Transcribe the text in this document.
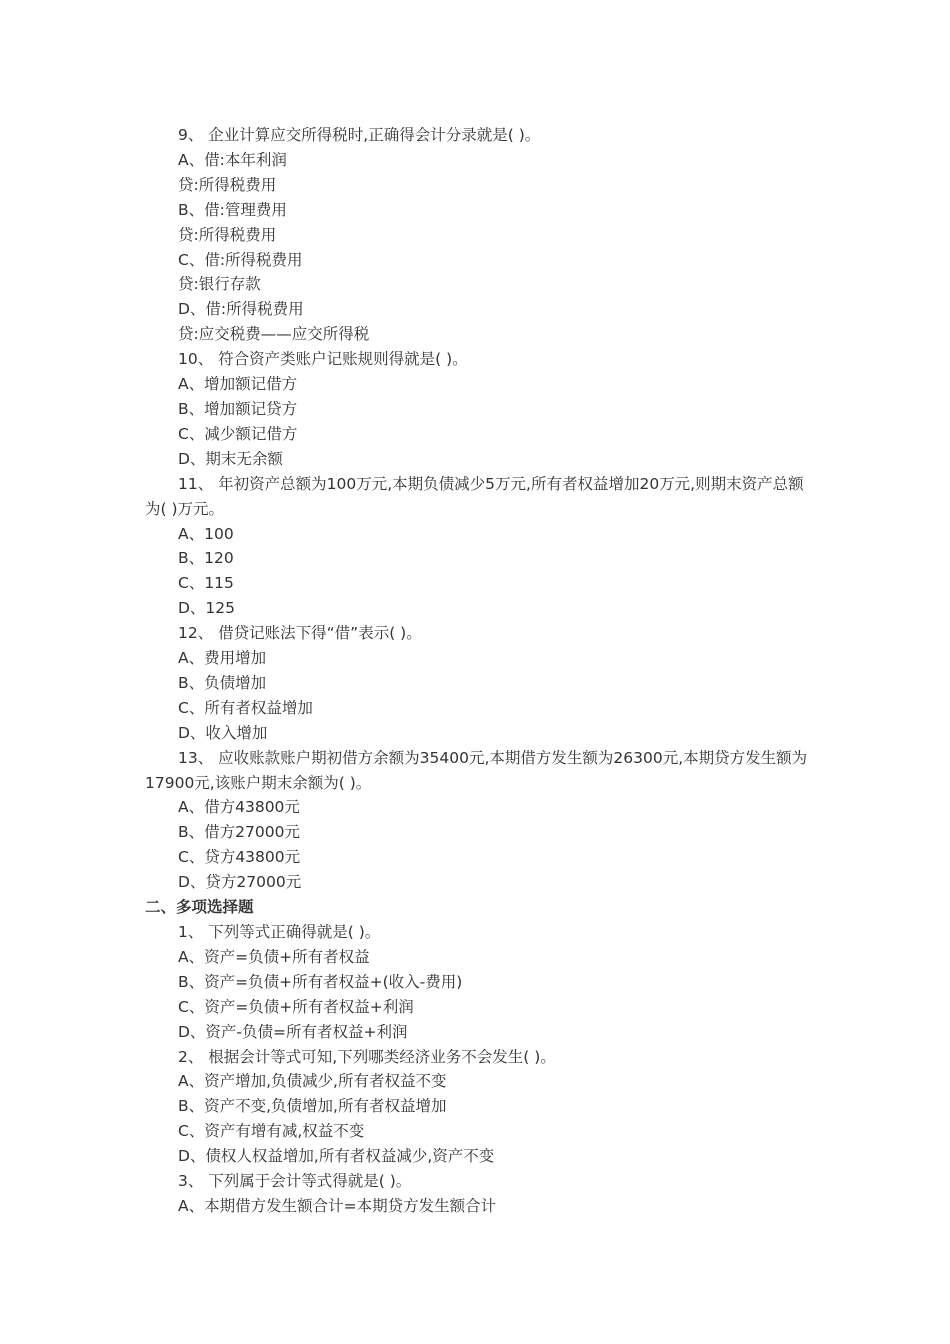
9、 企业计算应交所得税时,正确得会计分录就是( )。
A、借:本年利润
贷:所得税费用
B、借:管理费用
贷:所得税费用
C、借:所得税费用
贷:银行存款
D、借:所得税费用
贷:应交税费——应交所得税
10、 符合资产类账户记账规则得就是( )。
A、增加额记借方
B、增加额记贷方
C、减少额记借方
D、期末无余额
11、 年初资产总额为100万元,本期负债减少5万元,所有者权益增加20万元,则期末资产总额为( )万元。
A、100
B、120
C、115
D、125
12、 借贷记账法下得“借”表示( )。
A、费用增加
B、负债增加
C、所有者权益增加
D、收入增加
13、 应收账款账户期初借方余额为35400元,本期借方发生额为26300元,本期贷方发生额为17900元,该账户期末余额为( )。
A、借方43800元
B、借方27000元
C、贷方43800元
D、贷方27000元
二、多项选择题
1、 下列等式正确得就是( )。
A、资产=负债+所有者权益
B、资产=负债+所有者权益+(收入-费用)
C、资产=负债+所有者权益+利润
D、资产-负债=所有者权益+利润
2、 根据会计等式可知,下列哪类经济业务不会发生( )。
A、资产增加,负债减少,所有者权益不变
B、资产不变,负债增加,所有者权益增加
C、资产有增有减,权益不变
D、债权人权益增加,所有者权益减少,资产不变
3、 下列属于会计等式得就是( )。
A、本期借方发生额合计=本期贷方发生额合计
